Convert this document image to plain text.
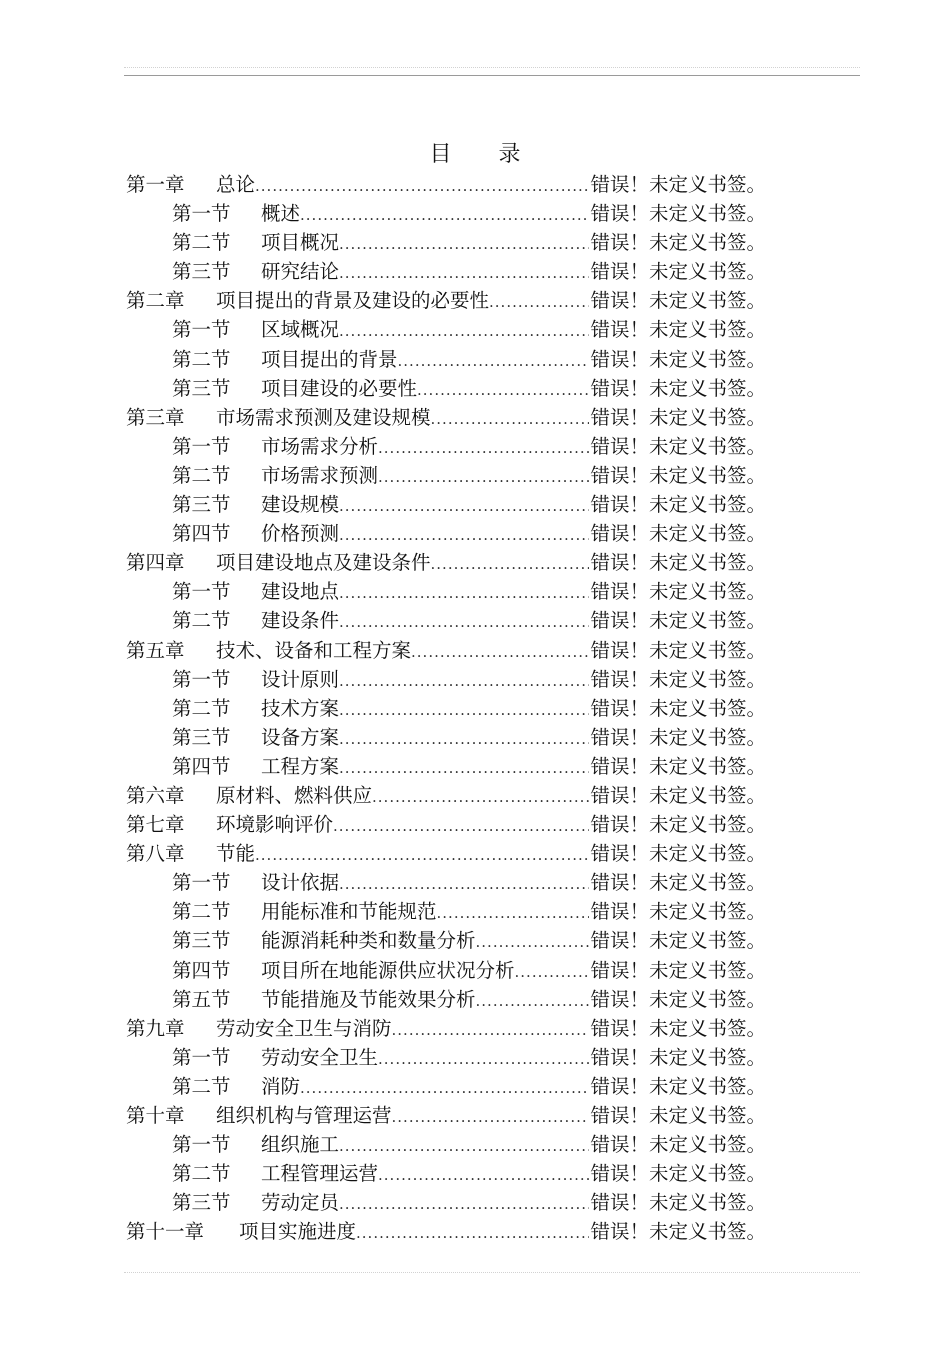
目 录
第一章	总论 .....	错误！未定义书签。
第一节	概述 .....	错误！未定义书签。
第二节	项目概况 .....	错误！未定义书签。
第三节	研究结论 .....	错误！未定义书签。
第二章	项目提出的背景及建设的必要性 .....	错误！未定义书签。
第一节	区域概况 .....	错误！未定义书签。
第二节	项目提出的背景 .....	错误！未定义书签。
第三节	项目建设的必要性 .....	错误！未定义书签。
第三章	市场需求预测及建设规模 .....	错误！未定义书签。
第一节	市场需求分析 .....	错误！未定义书签。
第二节	市场需求预测 .....	错误！未定义书签。
第三节	建设规模 .....	错误！未定义书签。
第四节	价格预测 .....	错误！未定义书签。
第四章	项目建设地点及建设条件 .....	错误！未定义书签。
第一节	建设地点 .....	错误！未定义书签。
第二节	建设条件 .....	错误！未定义书签。
第五章	技术、设备和工程方案 .....	错误！未定义书签。
第一节	设计原则 .....	错误！未定义书签。
第二节	技术方案 .....	错误！未定义书签。
第三节	设备方案 .....	错误！未定义书签。
第四节	工程方案 .....	错误！未定义书签。
第六章	原材料、燃料供应 .....	错误！未定义书签。
第七章	环境影响评价 .....	错误！未定义书签。
第八章	节能 .....	错误！未定义书签。
第一节	设计依据 .....	错误！未定义书签。
第二节	用能标准和节能规范 .....	错误！未定义书签。
第三节	能源消耗种类和数量分析 .....	错误！未定义书签。
第四节	项目所在地能源供应状况分析 .....	错误！未定义书签。
第五节	节能措施及节能效果分析 .....	错误！未定义书签。
第九章	劳动安全卫生与消防 .....	错误！未定义书签。
第一节	劳动安全卫生 .....	错误！未定义书签。
第二节	消防 .....	错误！未定义书签。
第十章	组织机构与管理运营 .....	错误！未定义书签。
第一节	组织施工 .....	错误！未定义书签。
第二节	工程管理运营 .....	错误！未定义书签。
第三节	劳动定员 .....	错误！未定义书签。
第十一章	项目实施进度 .....	错误！未定义书签。
